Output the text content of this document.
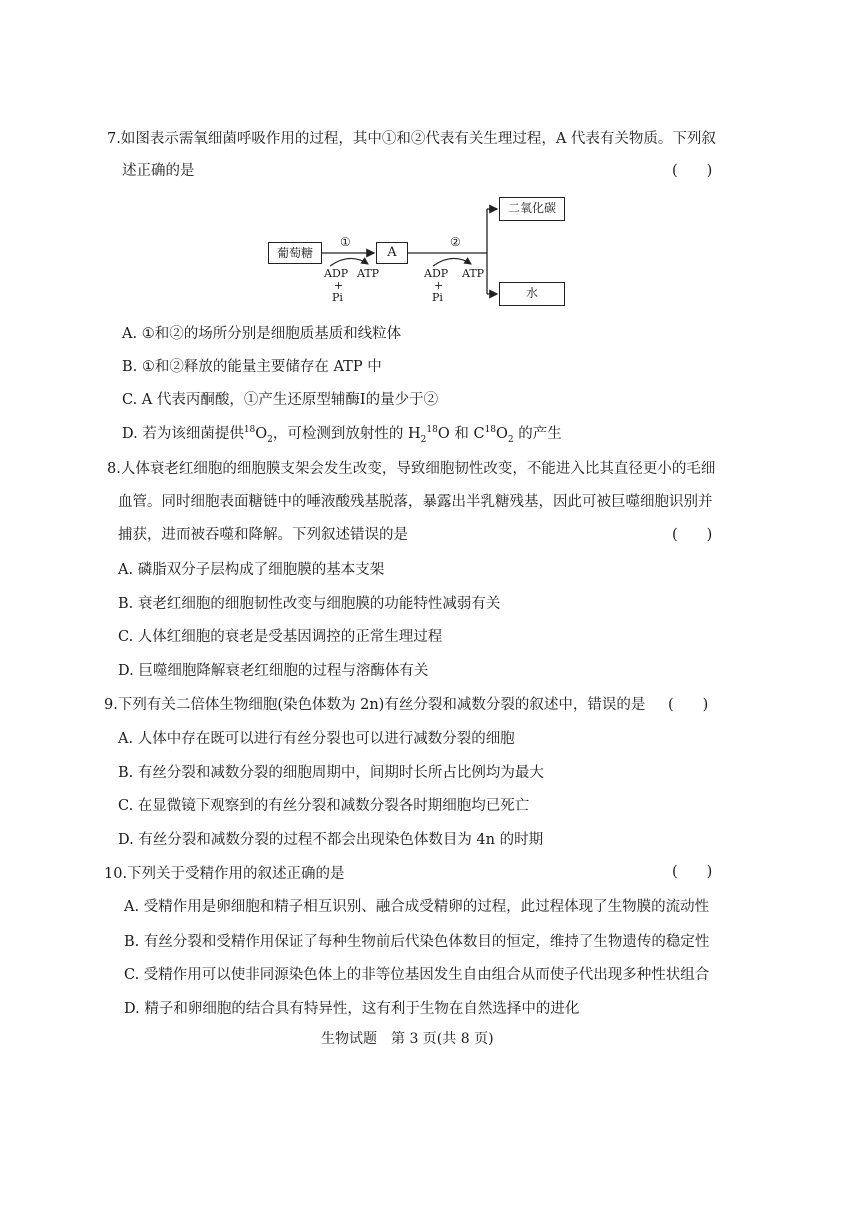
7.如图表示需氧细菌呼吸作用的过程，其中①和②代表有关生理过程，A 代表有关物质。下列叙
述正确的是	(　　)
葡萄糖	A
二氧化碳
水
①	②
ADP ATP
+
Pi
ADP ATP
+
Pi
A. ①和②的场所分别是细胞质基质和线粒体
B. ①和②释放的能量主要储存在 ATP 中
C. A 代表丙酮酸，①产生还原型辅酶Ⅰ的量少于②
D. 若为该细菌提供$^{18}O_2$，可检测到放射性的 $H_2^{18}O$ 和 $C^{18}O_2$ 的产生
8.人体衰老红细胞的细胞膜支架会发生改变，导致细胞韧性改变，不能进入比其直径更小的毛细
血管。同时细胞表面糖链中的唾液酸残基脱落，暴露出半乳糖残基，因此可被巨噬细胞识别并
捕获，进而被吞噬和降解。下列叙述错误的是	(　　)
A. 磷脂双分子层构成了细胞膜的基本支架
B. 衰老红细胞的细胞韧性改变与细胞膜的功能特性减弱有关
C. 人体红细胞的衰老是受基因调控的正常生理过程
D. 巨噬细胞降解衰老红细胞的过程与溶酶体有关
9.下列有关二倍体生物细胞(染色体数为 2n)有丝分裂和减数分裂的叙述中，错误的是 (　　)
A. 人体中存在既可以进行有丝分裂也可以进行减数分裂的细胞
B. 有丝分裂和减数分裂的细胞周期中，间期时长所占比例均为最大
C. 在显微镜下观察到的有丝分裂和减数分裂各时期细胞均已死亡
D. 有丝分裂和减数分裂的过程不都会出现染色体数目为 4n 的时期
10.下列关于受精作用的叙述正确的是	(　　)
A. 受精作用是卵细胞和精子相互识别、融合成受精卵的过程，此过程体现了生物膜的流动性
B. 有丝分裂和受精作用保证了每种生物前后代染色体数目的恒定，维持了生物遗传的稳定性
C. 受精作用可以使非同源染色体上的非等位基因发生自由组合从而使子代出现多种性状组合
D. 精子和卵细胞的结合具有特异性，这有利于生物在自然选择中的进化
生物试题　第 3 页(共 8 页)
